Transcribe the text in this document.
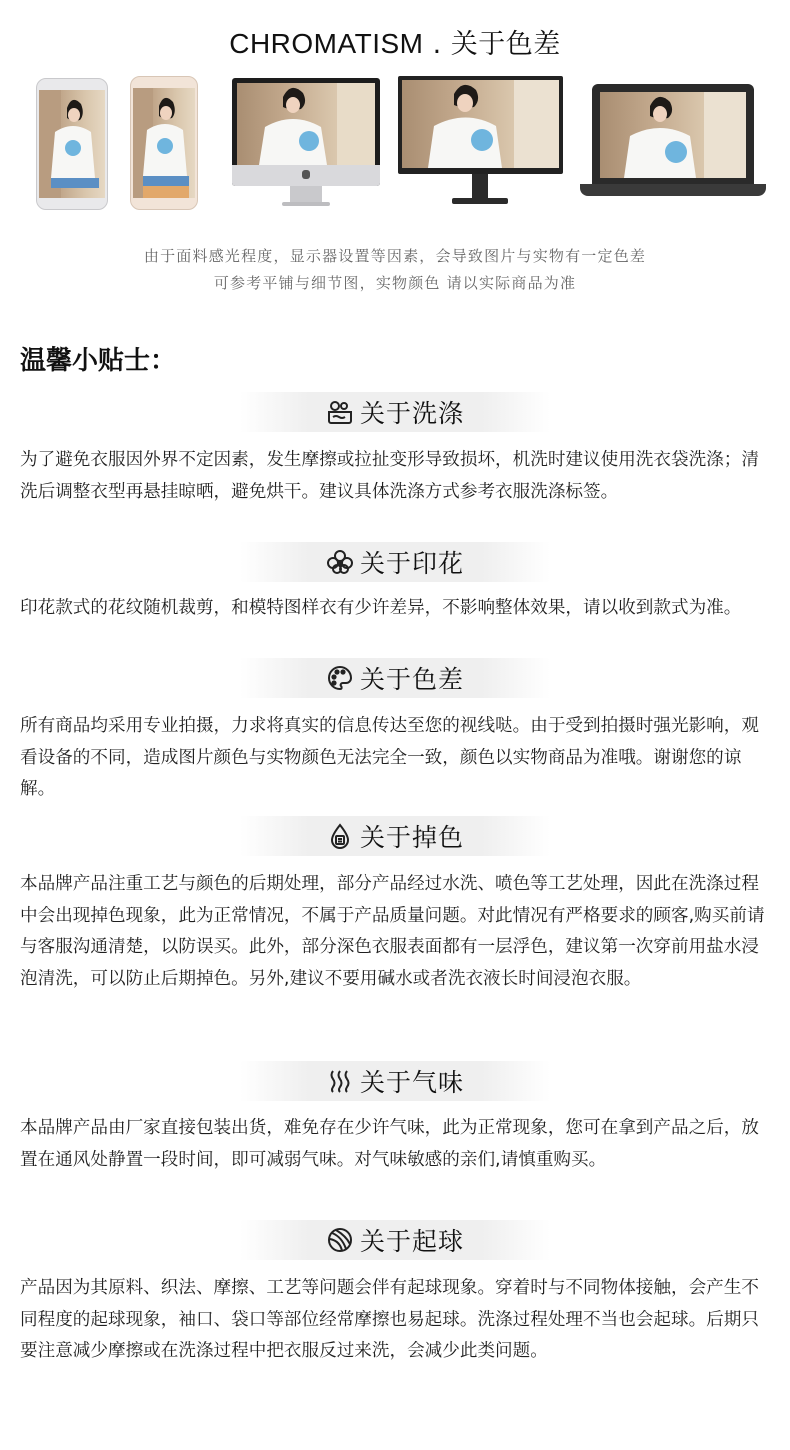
CHROMATISM . 关于色差
由于面料感光程度，显示器设置等因素，会导致图片与实物有一定色差
可参考平铺与细节图，实物颜色 请以实际商品为准
温馨小贴士：
关于洗涤
为了避免衣服因外界不定因素，发生摩擦或拉扯变形导致损坏，机洗时建议使用洗衣袋洗涤；清洗后调整衣型再悬挂晾晒，避免烘干。建议具体洗涤方式参考衣服洗涤标签。
关于印花
印花款式的花纹随机裁剪，和模特图样衣有少许差异，不影响整体效果，请以收到款式为准。
关于色差
所有商品均采用专业拍摄，力求将真实的信息传达至您的视线哒。由于受到拍摄时强光影响，观看设备的不同，造成图片颜色与实物颜色无法完全一致，颜色以实物商品为准哦。谢谢您的谅解。
关于掉色
本品牌产品注重工艺与颜色的后期处理，部分产品经过水洗、喷色等工艺处理，因此在洗涤过程中会出现掉色现象，此为正常情况，不属于产品质量问题。对此情况有严格要求的顾客,购买前请与客服沟通清楚，以防误买。此外，部分深色衣服表面都有一层浮色，建议第一次穿前用盐水浸泡清洗，可以防止后期掉色。另外,建议不要用碱水或者洗衣液长时间浸泡衣服。
关于气味
本品牌产品由厂家直接包装出货，难免存在少许气味，此为正常现象，您可在拿到产品之后，放置在通风处静置一段时间，即可减弱气味。对气味敏感的亲们,请慎重购买。
关于起球
产品因为其原料、织法、摩擦、工艺等问题会伴有起球现象。穿着时与不同物体接触，会产生不同程度的起球现象，袖口、袋口等部位经常摩擦也易起球。洗涤过程处理不当也会起球。后期只要注意减少摩擦或在洗涤过程中把衣服反过来洗，会减少此类问题。
